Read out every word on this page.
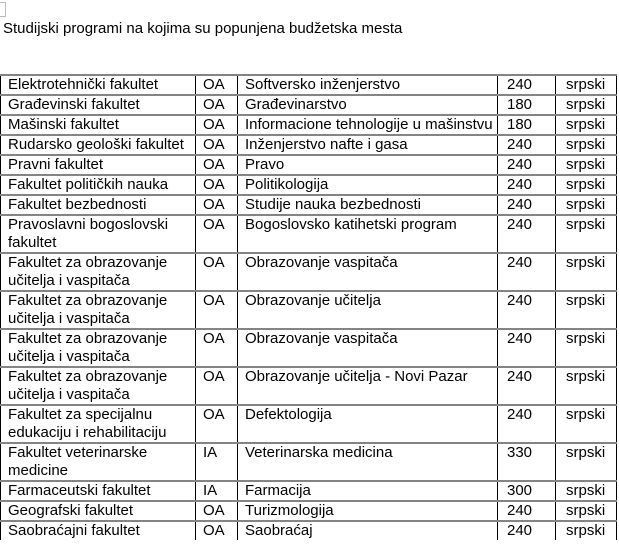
Studijski programi na kojima su popunjena budžetska mesta
Elektrotehnički fakultet	OA	Softversko inženjerstvo	240	srpski
Građevinski fakultet	OA	Građevinarstvo	180	srpski
Mašinski fakultet	OA	Informacione tehnologije u mašinstvu	180	srpski
Rudarsko geološki fakultet	OA	Inženjerstvo nafte i gasa	240	srpski
Pravni fakultet	OA	Pravo	240	srpski
Fakultet političkih nauka	OA	Politikologija	240	srpski
Fakultet bezbednosti	OA	Studije nauka bezbednosti	240	srpski
Pravoslavni bogoslovski fakultet	OA	Bogoslovsko katihetski program	240	srpski
Fakultet za obrazovanje učitelja i vaspitača	OA	Obrazovanje vaspitača	240	srpski
Fakultet za obrazovanje učitelja i vaspitača	OA	Obrazovanje učitelja	240	srpski
Fakultet za obrazovanje učitelja i vaspitača	OA	Obrazovanje vaspitača	240	srpski
Fakultet za obrazovanje učitelja i vaspitača	OA	Obrazovanje učitelja - Novi Pazar	240	srpski
Fakultet za specijalnu edukaciju i rehabilitaciju	OA	Defektologija	240	srpski
Fakultet veterinarske medicine	IA	Veterinarska medicina	330	srpski
Farmaceutski fakultet	IA	Farmacija	300	srpski
Geografski fakultet	OA	Turizmologija	240	srpski
Saobraćajni fakultet	OA	Saobraćaj	240	srpski
